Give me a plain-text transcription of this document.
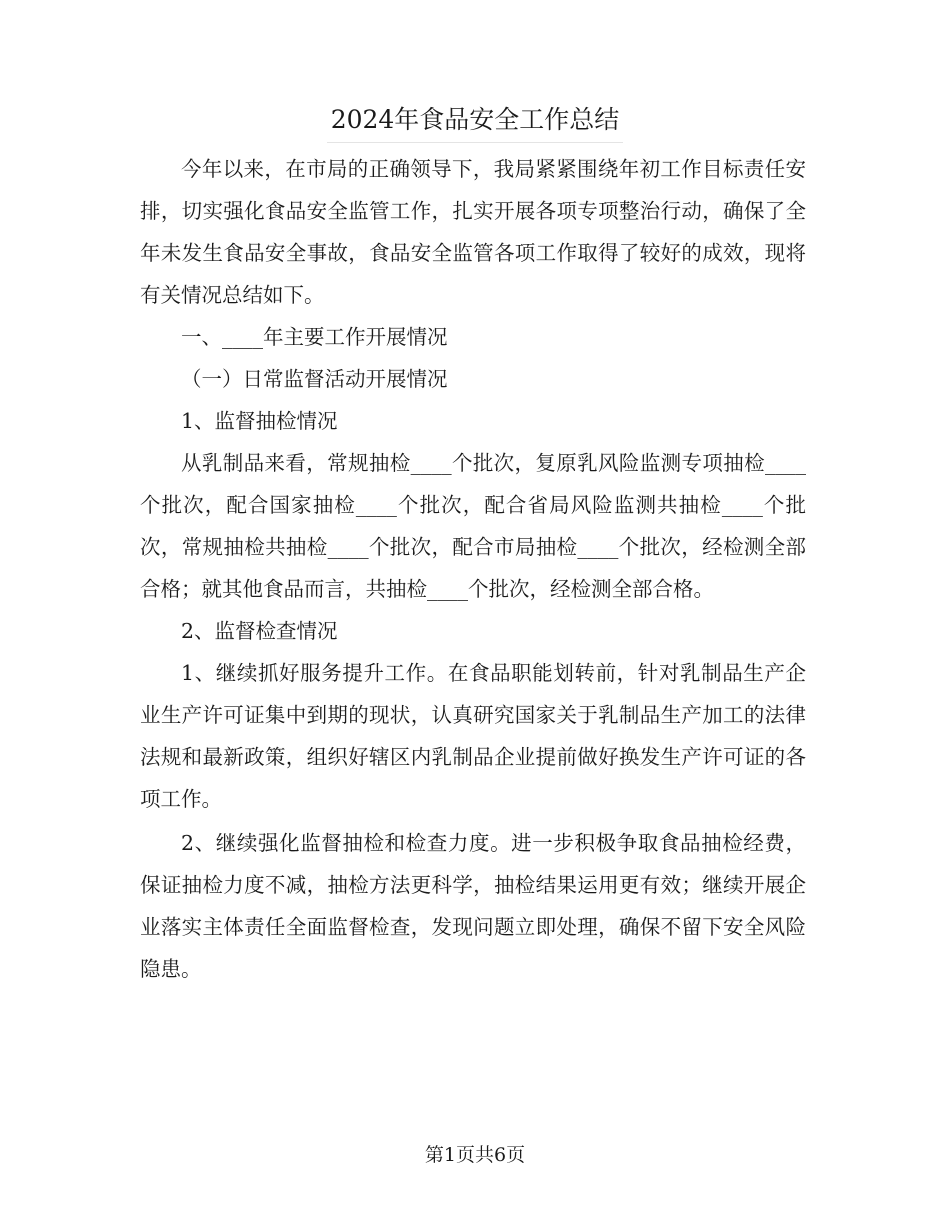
2024年食品安全工作总结

今年以来，在市局的正确领导下，我局紧紧围绕年初工作目标责任安排，切实强化食品安全监管工作，扎实开展各项专项整治行动，确保了全年未发生食品安全事故，食品安全监管各项工作取得了较好的成效，现将有关情况总结如下。

一、____年主要工作开展情况

（一）日常监督活动开展情况

1、监督抽检情况

从乳制品来看，常规抽检____个批次，复原乳风险监测专项抽检____个批次，配合国家抽检____个批次，配合省局风险监测共抽检____个批次，常规抽检共抽检____个批次，配合市局抽检____个批次，经检测全部合格；就其他食品而言，共抽检____个批次，经检测全部合格。

2、监督检查情况

1、继续抓好服务提升工作。在食品职能划转前，针对乳制品生产企业生产许可证集中到期的现状，认真研究国家关于乳制品生产加工的法律法规和最新政策，组织好辖区内乳制品企业提前做好换发生产许可证的各项工作。

2、继续强化监督抽检和检查力度。进一步积极争取食品抽检经费，保证抽检力度不减，抽检方法更科学，抽检结果运用更有效；继续开展企业落实主体责任全面监督检查，发现问题立即处理，确保不留下安全风险隐患。

第1页共6页
